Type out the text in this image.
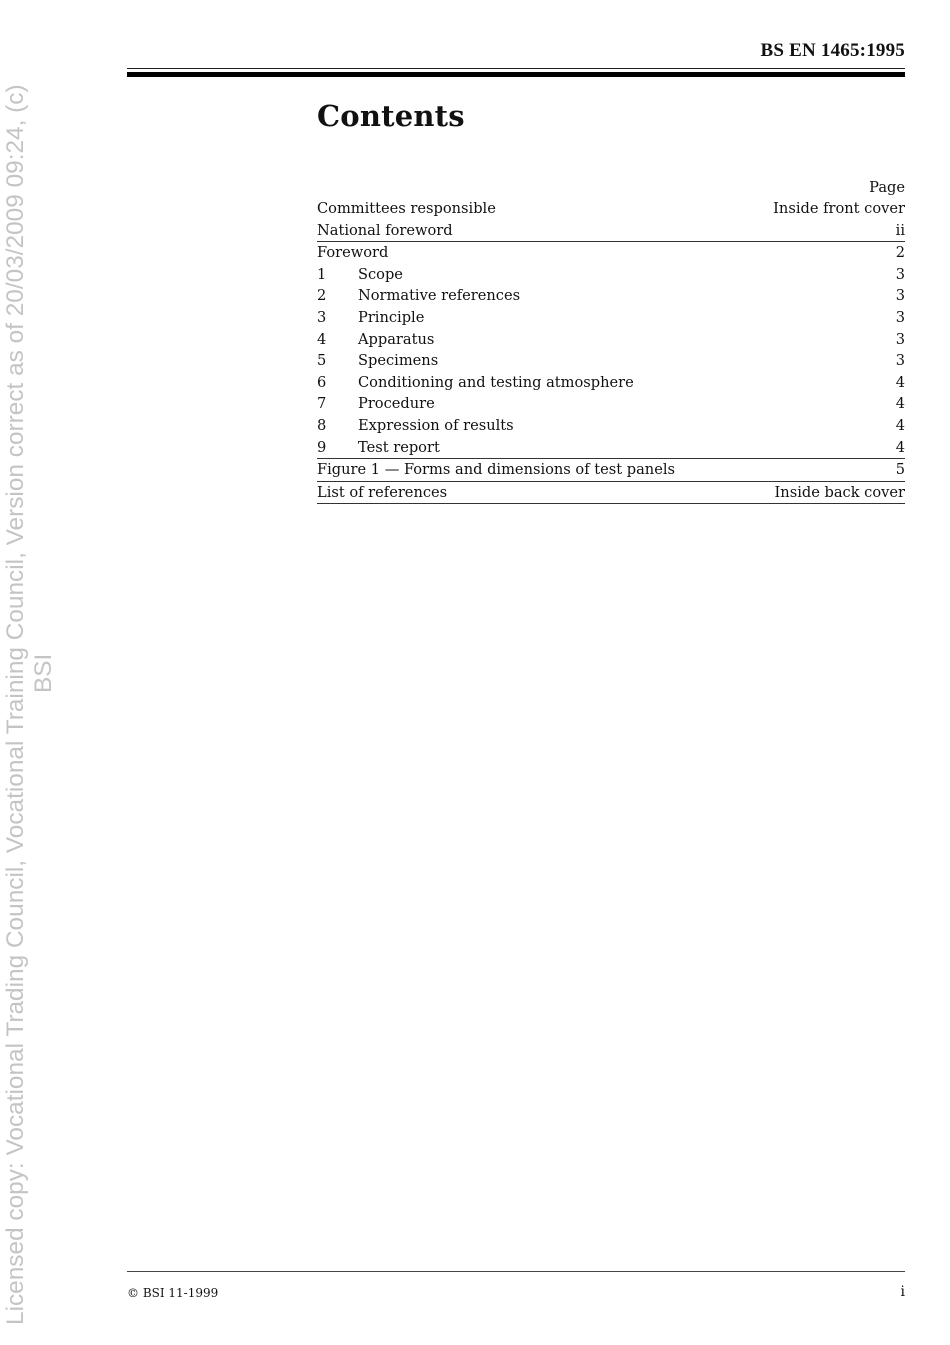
Licensed copy: Vocational Trading Council, Vocational Training Council, Version correct as of 20/03/2009 09:24, (c) BSI
BS EN 1465:1995
Contents
Page
Committees responsible	Inside front cover
National foreword	ii
Foreword	2
1	Scope	3
2	Normative references	3
3	Principle	3
4	Apparatus	3
5	Specimens	3
6	Conditioning and testing atmosphere	4
7	Procedure	4
8	Expression of results	4
9	Test report	4
Figure 1 — Forms and dimensions of test panels	5
List of references	Inside back cover
© BSI 11-1999	i
